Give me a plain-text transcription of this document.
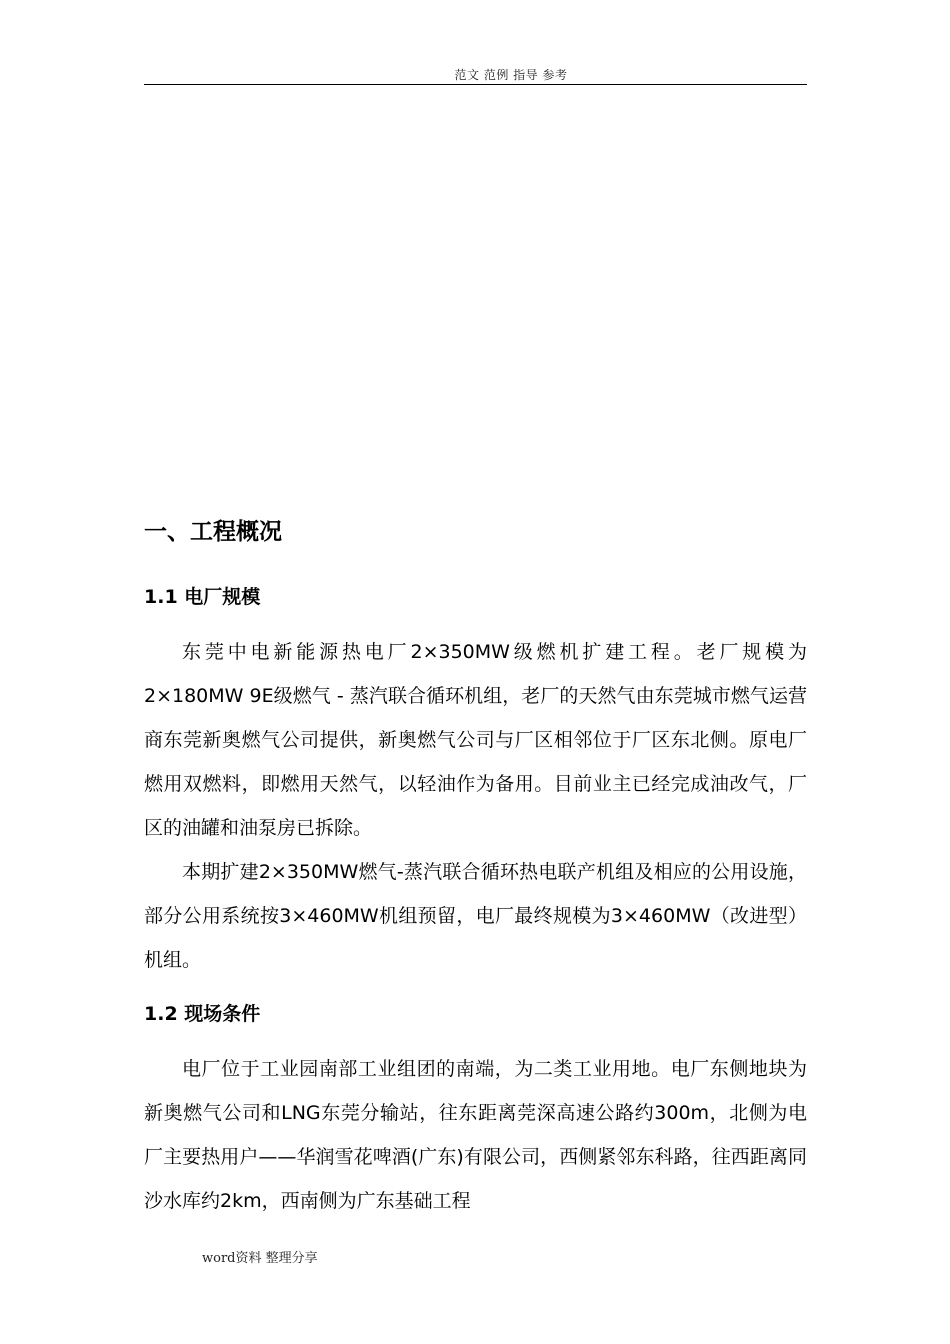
范文 范例 指导 参考
一、工程概况
1.1 电厂规模

东莞中电新能源热电厂2×350MW级燃机扩建工程。老厂规模为2×180MW 9E级燃气 - 蒸汽联合循环机组，老厂的天然气由东莞城市燃气运营商东莞新奥燃气公司提供，新奥燃气公司与厂区相邻位于厂区东北侧。原电厂燃用双燃料，即燃用天然气，以轻油作为备用。目前业主已经完成油改气，厂区的油罐和油泵房已拆除。

本期扩建2×350MW燃气-蒸汽联合循环热电联产机组及相应的公用设施，部分公用系统按3×460MW机组预留，电厂最终规模为3×460MW（改进型）机组。

1.2 现场条件

电厂位于工业园南部工业组团的南端，为二类工业用地。电厂东侧地块为新奥燃气公司和LNG东莞分输站，往东距离莞深高速公路约300m，北侧为电厂主要热用户——华润雪花啤酒(广东)有限公司，西侧紧邻东科路，往西距离同沙水库约2km，西南侧为广东基础工程

word资料 整理分享
